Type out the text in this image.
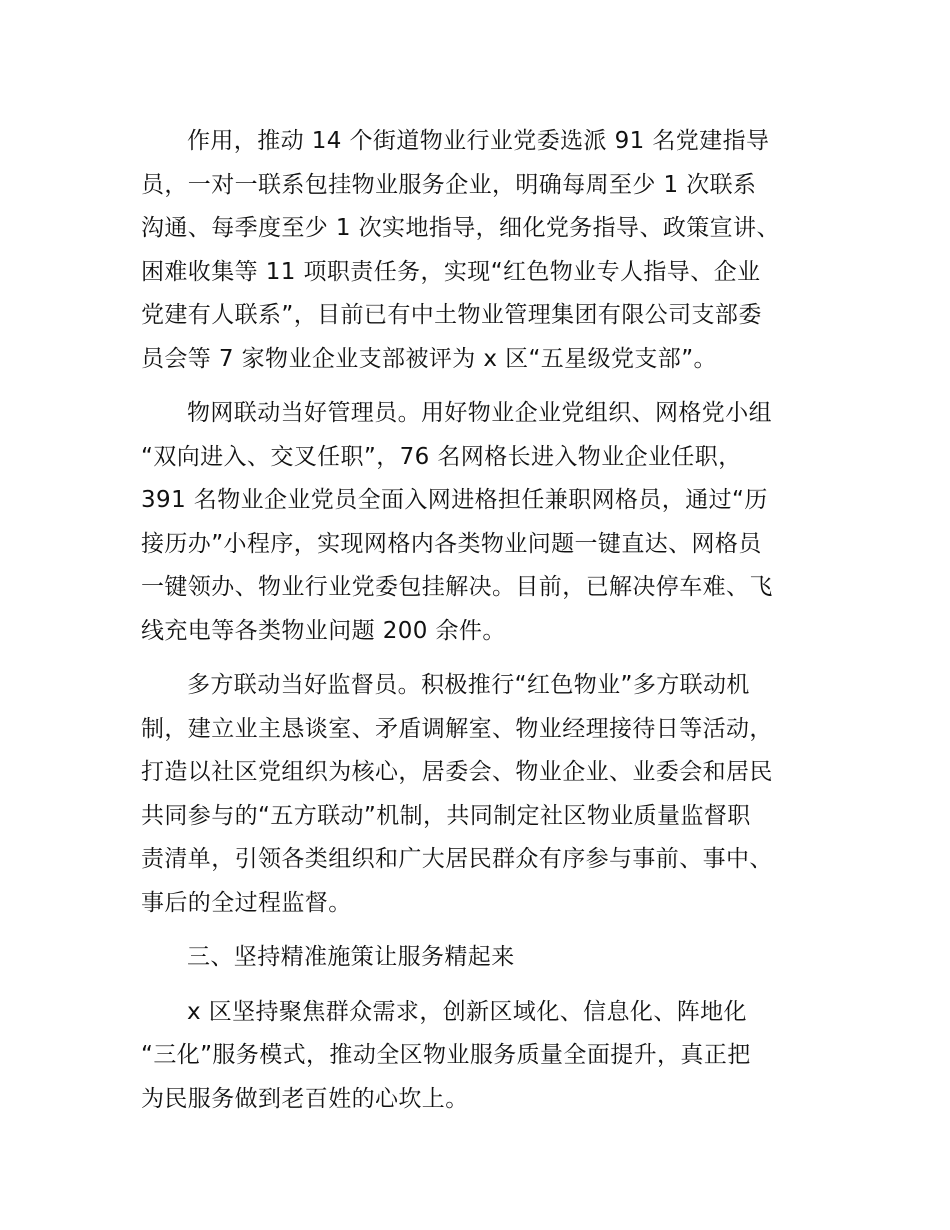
作用，推动 14 个街道物业行业党委选派 91 名党建指导
员，一对一联系包挂物业服务企业，明确每周至少 1 次联系
沟通、每季度至少 1 次实地指导，细化党务指导、政策宣讲、
困难收集等 11 项职责任务，实现“红色物业专人指导、企业
党建有人联系”，目前已有中土物业管理集团有限公司支部委
员会等 7 家物业企业支部被评为 x 区“五星级党支部”。

物网联动当好管理员。用好物业企业党组织、网格党小组
“双向进入、交叉任职”，76 名网格长进入物业企业任职，
391 名物业企业党员全面入网进格担任兼职网格员，通过“历
接历办”小程序，实现网格内各类物业问题一键直达、网格员
一键领办、物业行业党委包挂解决。目前，已解决停车难、飞
线充电等各类物业问题 200 余件。

多方联动当好监督员。积极推行“红色物业”多方联动机
制，建立业主恳谈室、矛盾调解室、物业经理接待日等活动，
打造以社区党组织为核心，居委会、物业企业、业委会和居民
共同参与的“五方联动”机制，共同制定社区物业质量监督职
责清单，引领各类组织和广大居民群众有序参与事前、事中、
事后的全过程监督。

三、坚持精准施策让服务精起来

x 区坚持聚焦群众需求，创新区域化、信息化、阵地化
“三化”服务模式，推动全区物业服务质量全面提升，真正把
为民服务做到老百姓的心坎上。
